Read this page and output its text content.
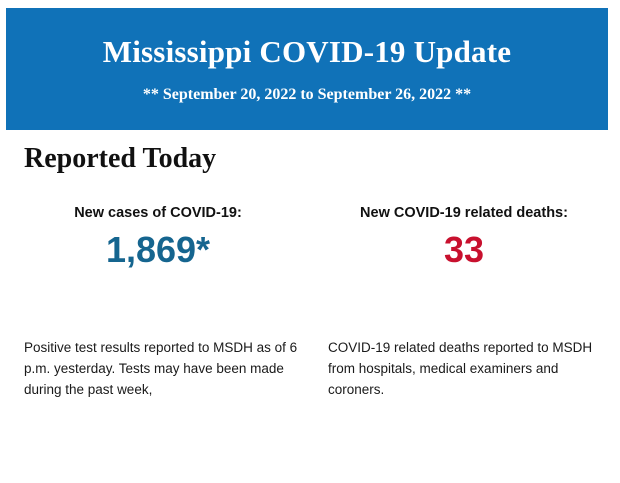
Mississippi COVID-19 Update
** September 20, 2022 to September 26, 2022 **
Reported Today

New cases of COVID-19:

1,869*

New COVID-19 related deaths:

33

Positive test results reported to MSDH as of 6 p.m. yesterday. Tests may have been made during the past week,

COVID-19 related deaths reported to MSDH from hospitals, medical examiners and coroners.
